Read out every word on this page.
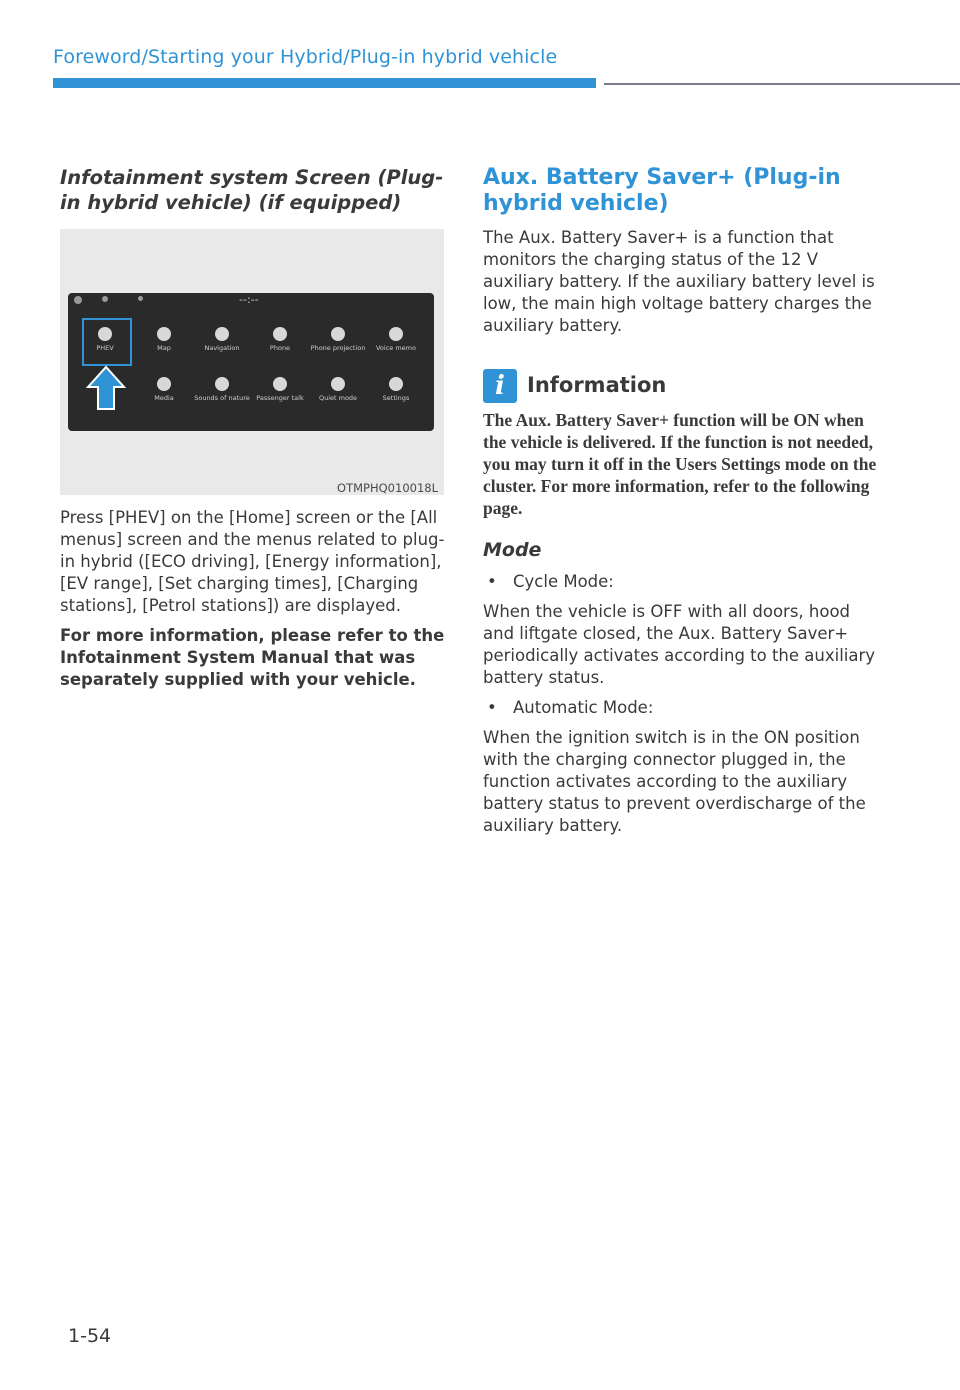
Foreword/Starting your Hybrid/Plug-in hybrid vehicle
Infotainment system Screen (Plug-in hybrid vehicle) (if equipped)
--:--
PHEV	Map	Navigation	Phone	Phone projection	Voice memo
Media	Sounds of nature Passenger talk	Quiet mode	Settings
OTMPHQ010018L

Press [PHEV] on the [Home] screen or the [All menus] screen and the menus related to plug-in hybrid ([ECO driving], [Energy information], [EV range], [Set charging times], [Charging stations], [Petrol stations]) are displayed.

For more information, please refer to the Infotainment System Manual that was separately supplied with your vehicle.

Aux. Battery Saver+ (Plug-in hybrid vehicle)

The Aux. Battery Saver+ is a function that monitors the charging status of the 12 V auxiliary battery. If the auxiliary battery level is low, the main high voltage battery charges the auxiliary battery.

i	Information

The Aux. Battery Saver+ function will be ON when the vehicle is delivered. If the function is not needed, you may turn it off in the Users Settings mode on the cluster. For more information, refer to the following page.

Mode

• Cycle Mode:

When the vehicle is OFF with all doors, hood and liftgate closed, the Aux. Battery Saver+ periodically activates according to the auxiliary battery status.

• Automatic Mode:

When the ignition switch is in the ON position with the charging connector plugged in, the function activates according to the auxiliary battery status to prevent overdischarge of the auxiliary battery.

1-54
